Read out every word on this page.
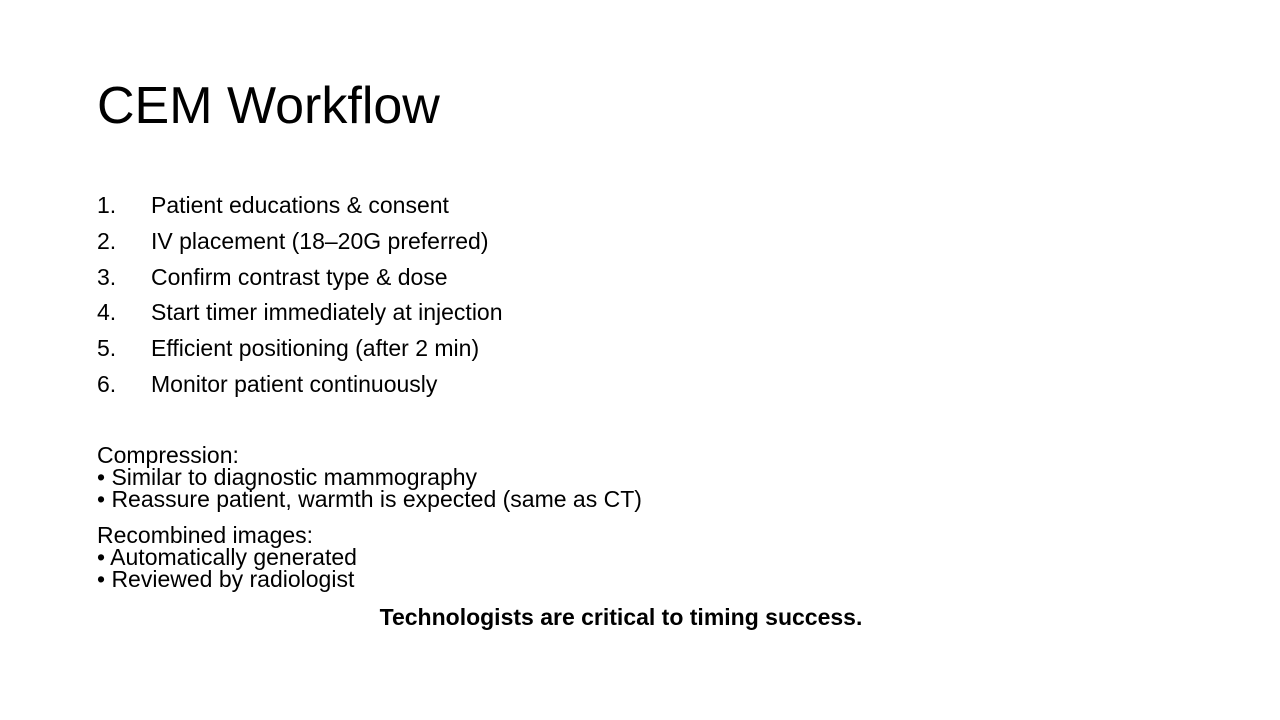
CEM Workflow
1.	Patient educations & consent
2.	IV placement (18–20G preferred)
3.	Confirm contrast type & dose
4.	Start timer immediately at injection
5.	Efficient positioning (after 2 min)
6.	Monitor patient continuously
Compression:
• Similar to diagnostic mammography
• Reassure patient, warmth is expected (same as CT)
Recombined images:
• Automatically generated
• Reviewed by radiologist
Technologists are critical to timing success.
